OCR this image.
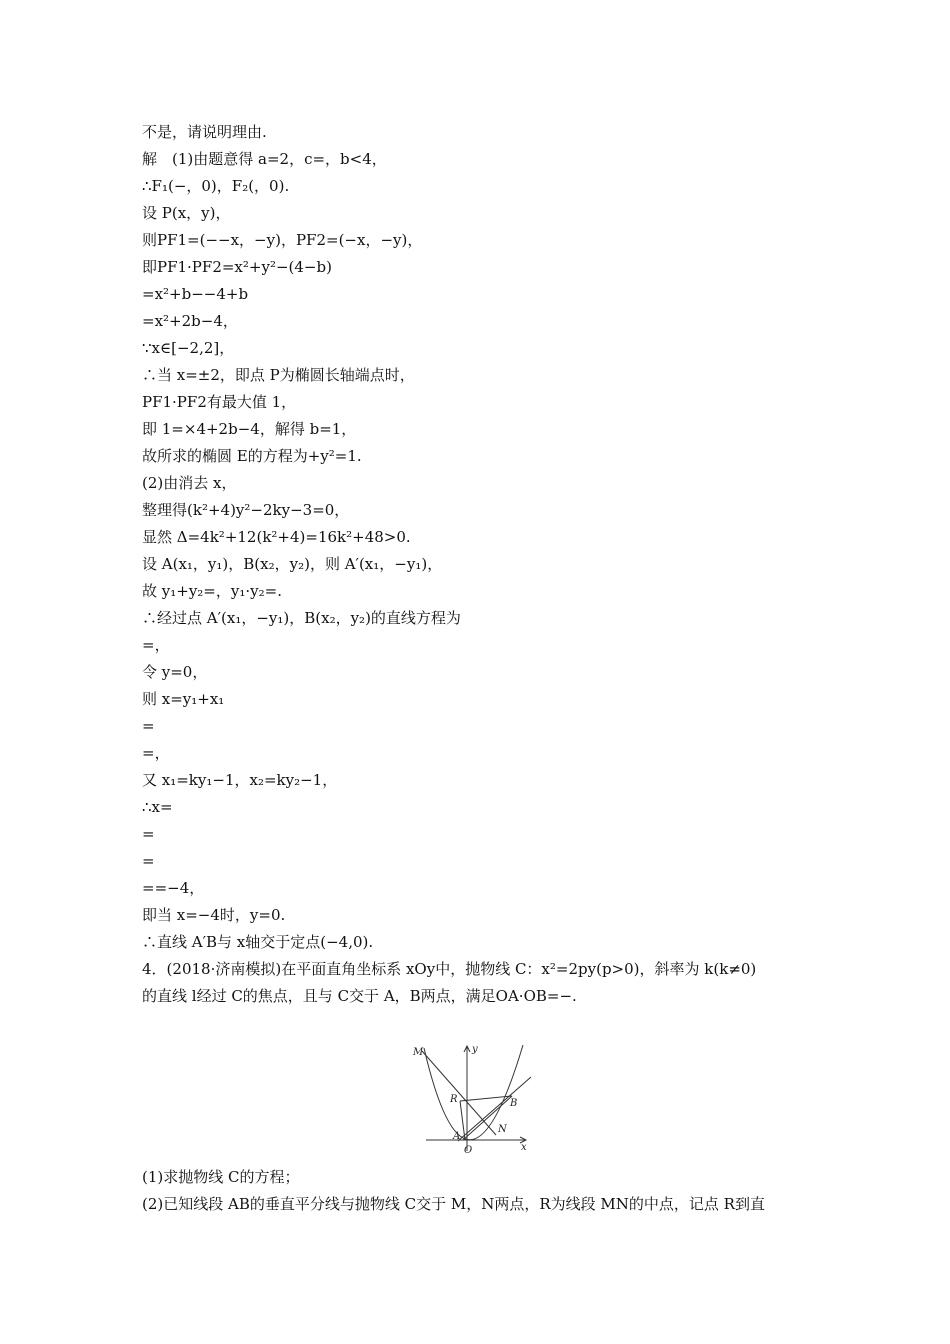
不是，请说明理由.
解　(1)由题意得 a=2，c=，b<4，
∴F₁(−，0)，F₂(，0).
设 P(x，y)，
则PF1=(−−x，−y)，PF2=(−x，−y)，
即PF1·PF2=x²+y²−(4−b)
=x²+b−−4+b
=x²+2b−4，
∵x∈[−2,2]，
∴当 x=±2，即点 P为椭圆长轴端点时，
PF1·PF2有最大值 1，
即 1=×4+2b−4，解得 b=1，
故所求的椭圆 E的方程为+y²=1.
(2)由消去 x，
整理得(k²+4)y²−2ky−3=0，
显然 Δ=4k²+12(k²+4)=16k²+48>0.
设 A(x₁，y₁)，B(x₂，y₂)，则 A′(x₁，−y₁)，
故 y₁+y₂=，y₁·y₂=.
∴经过点 A′(x₁，−y₁)，B(x₂，y₂)的直线方程为
=，
令 y=0，
则 x=y₁+x₁
=
=，
又 x₁=ky₁−1，x₂=ky₂−1，
∴x=
=
=
==−4，
即当 x=−4时，y=0.
∴直线 A′B与 x轴交于定点(−4,0).
4．(2018·济南模拟)在平面直角坐标系 xOy中，抛物线 C：x²=2py(p>0)，斜率为 k(k≠0)
的直线 l经过 C的焦点，且与 C交于 A，B两点，满足OA·OB=−.
M	y
R	B
N
A
O	x
(1)求抛物线 C的方程；
(2)已知线段 AB的垂直平分线与抛物线 C交于 M，N两点，R为线段 MN的中点，记点 R到直
